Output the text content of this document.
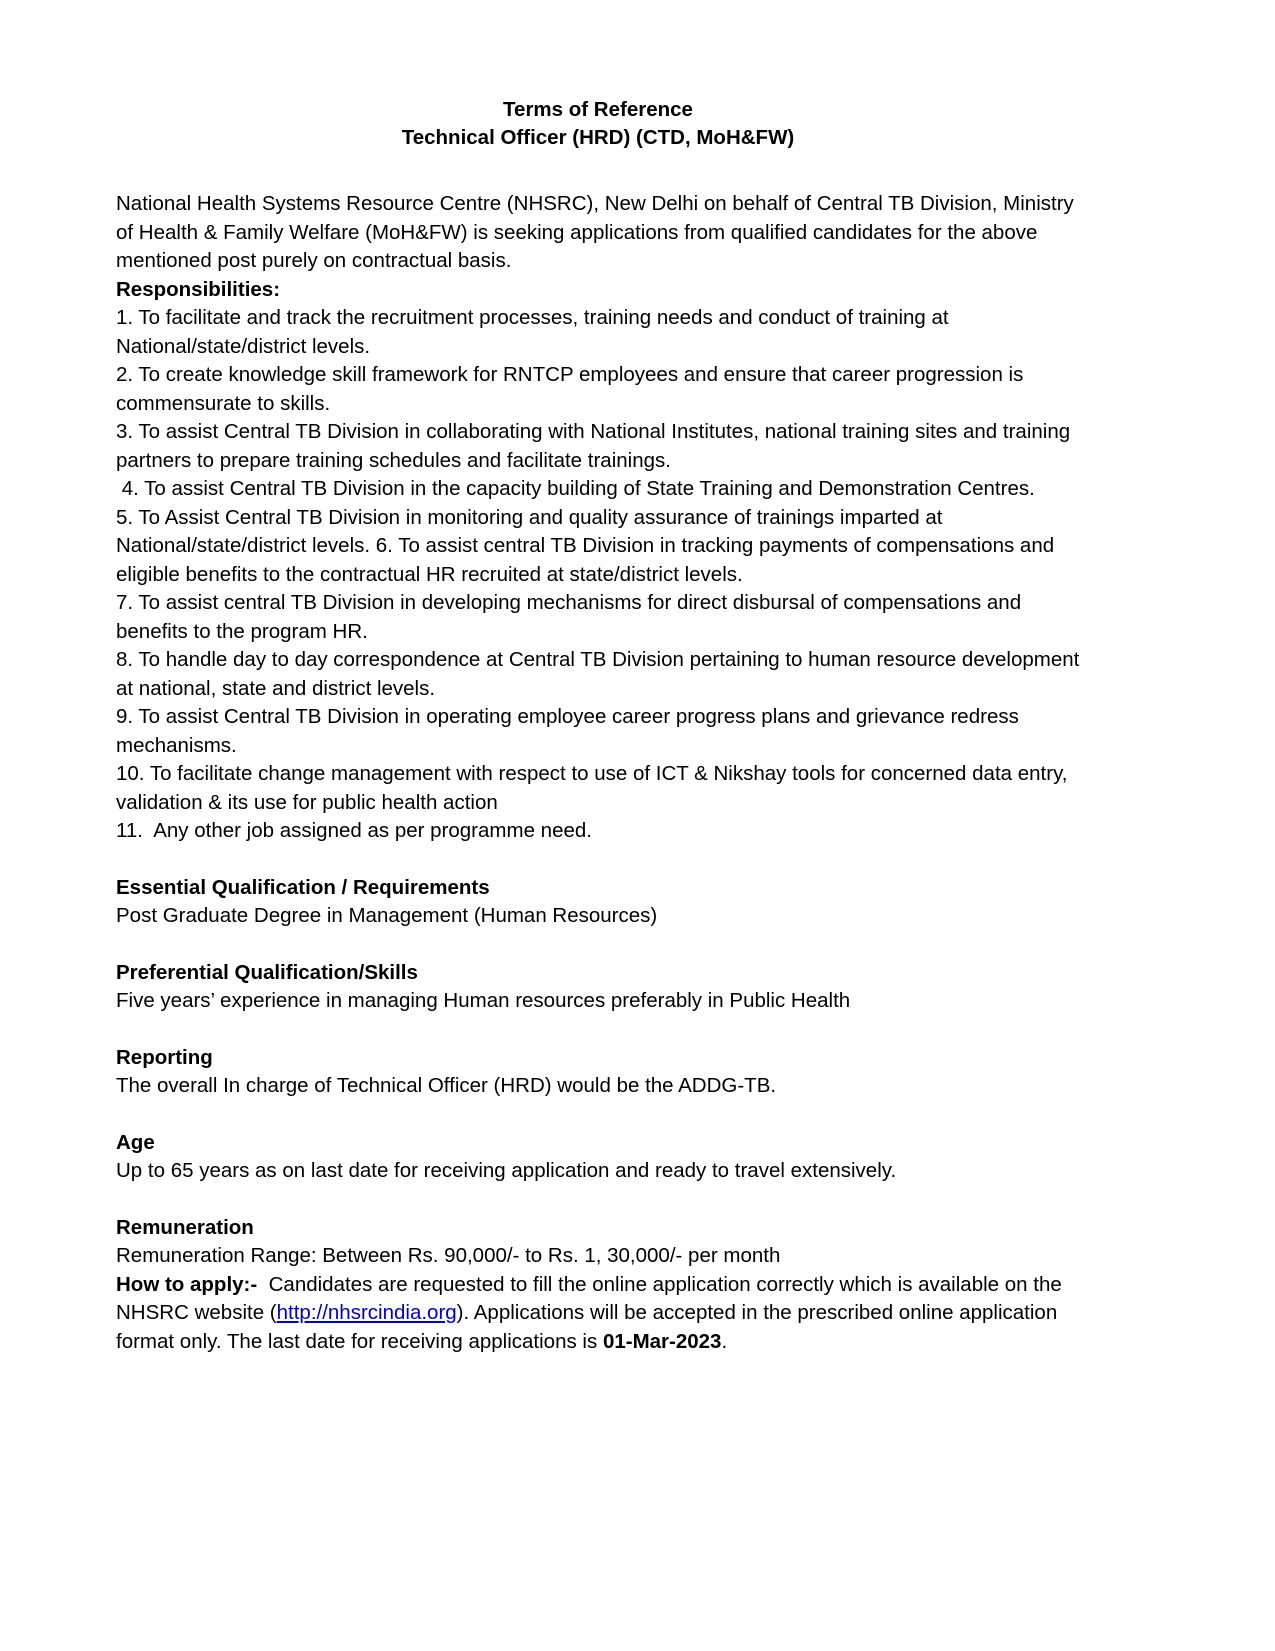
Terms of Reference
Technical Officer (HRD) (CTD, MoH&FW)

National Health Systems Resource Centre (NHSRC), New Delhi on behalf of Central TB Division, Ministry of Health & Family Welfare (MoH&FW) is seeking applications from qualified candidates for the above mentioned post purely on contractual basis.

Responsibilities:
1. To facilitate and track the recruitment processes, training needs and conduct of training at National/state/district levels.
2. To create knowledge skill framework for RNTCP employees and ensure that career progression is commensurate to skills.
3. To assist Central TB Division in collaborating with National Institutes, national training sites and training partners to prepare training schedules and facilitate trainings.
4. To assist Central TB Division in the capacity building of State Training and Demonstration Centres.
5. To Assist Central TB Division in monitoring and quality assurance of trainings imparted at National/state/district levels. 6. To assist central TB Division in tracking payments of compensations and eligible benefits to the contractual HR recruited at state/district levels.
7. To assist central TB Division in developing mechanisms for direct disbursal of compensations and benefits to the program HR.
8. To handle day to day correspondence at Central TB Division pertaining to human resource development at national, state and district levels.
9. To assist Central TB Division in operating employee career progress plans and grievance redress mechanisms.
10. To facilitate change management with respect to use of ICT & Nikshay tools for concerned data entry, validation & its use for public health action
11.  Any other job assigned as per programme need.
Essential Qualification / Requirements

Post Graduate Degree in Management (Human Resources)

Preferential Qualification/Skills

Five years’ experience in managing Human resources preferably in Public Health

Reporting

The overall In charge of Technical Officer (HRD) would be the ADDG-TB.

Age

Up to 65 years as on last date for receiving application and ready to travel extensively.

Remuneration

Remuneration Range: Between Rs. 90,000/- to Rs. 1, 30,000/- per month

How to apply:-  Candidates are requested to fill the online application correctly which is available on the NHSRC website (http://nhsrcindia.org). Applications will be accepted in the prescribed online application format only. The last date for receiving applications is 01-Mar-2023.
